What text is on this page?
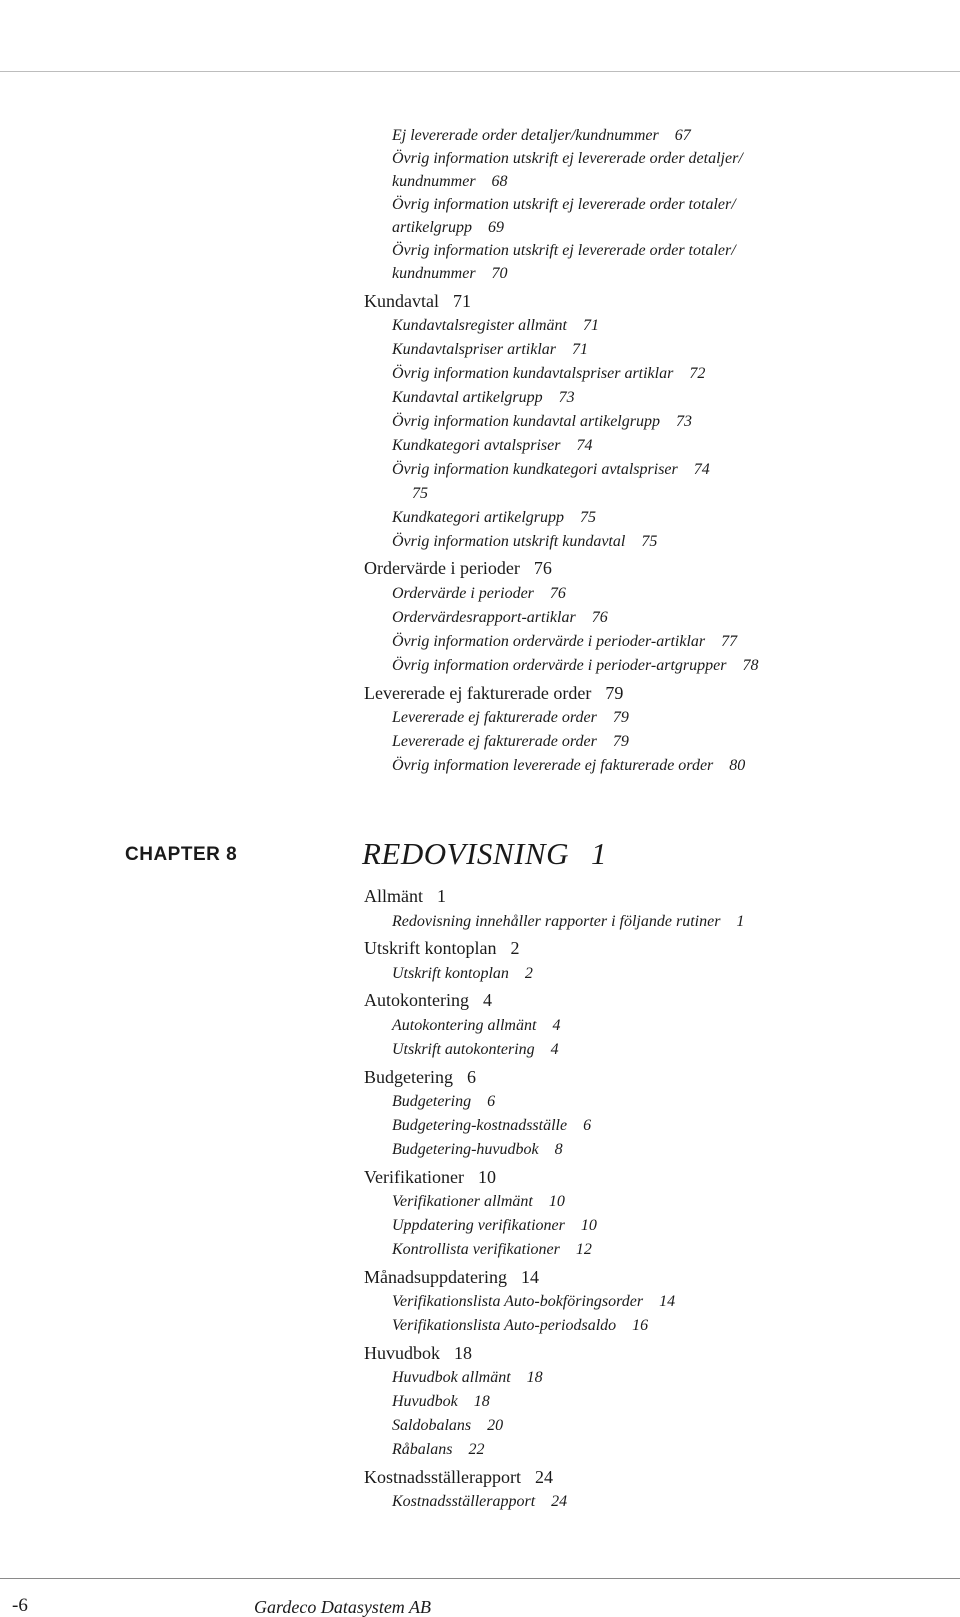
Ej levererade order detaljer/kundnummer 67
Övrig information utskrift ej levererade order detaljer/
kundnummer 68
Övrig information utskrift ej levererade order totaler/
artikelgrupp 69
Övrig information utskrift ej levererade order totaler/
kundnummer 70
Kundavtal 71
Kundavtalsregister allmänt 71
Kundavtalspriser artiklar 71
Övrig information kundavtalspriser artiklar 72
Kundavtal artikelgrupp 73
Övrig information kundavtal artikelgrupp 73
Kundkategori avtalspriser 74
Övrig information kundkategori avtalspriser 74
75
Kundkategori artikelgrupp 75
Övrig information utskrift kundavtal 75
Ordervärde i perioder 76
Ordervärde i perioder 76
Ordervärdesrapport-artiklar 76
Övrig information ordervärde i perioder-artiklar 77
Övrig information ordervärde i perioder-artgrupper 78
Levererade ej fakturerade order 79
Levererade ej fakturerade order 79
Levererade ej fakturerade order 79
Övrig information levererade ej fakturerade order 80
CHAPTER 8	REDOVISNING 1
Allmänt 1
Redovisning innehåller rapporter i följande rutiner 1
Utskrift kontoplan 2
Utskrift kontoplan 2
Autokontering 4
Autokontering allmänt 4
Utskrift autokontering 4
Budgetering 6
Budgetering 6
Budgetering-kostnadsställe 6
Budgetering-huvudbok 8
Verifikationer 10
Verifikationer allmänt 10
Uppdatering verifikationer 10
Kontrollista verifikationer 12
Månadsuppdatering 14
Verifikationslista Auto-bokföringsorder 14
Verifikationslista Auto-periodsaldo 16
Huvudbok 18
Huvudbok allmänt 18
Huvudbok 18
Saldobalans 20
Råbalans 22
Kostnadsställerapport 24
Kostnadsställerapport 24
-6	Gardeco Datasystem AB
